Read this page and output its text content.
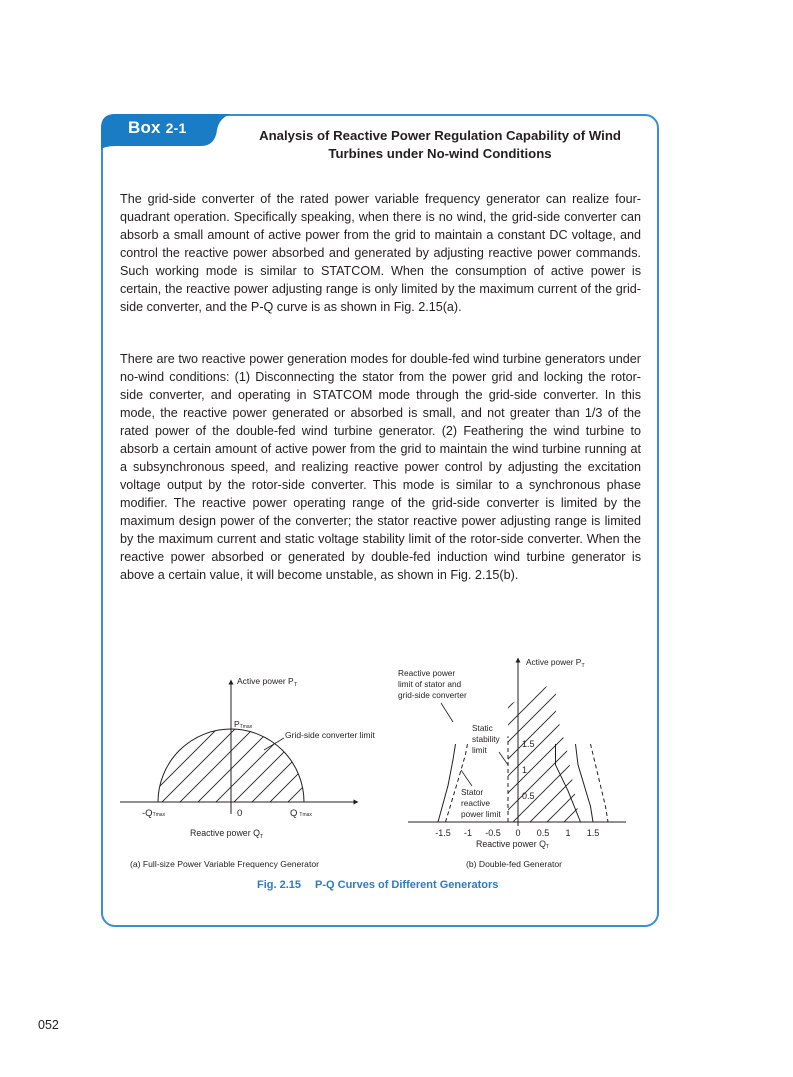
Box 2-1	Analysis of Reactive Power Regulation Capability of Wind
Turbines under No-wind Conditions

The grid-side converter of the rated power variable frequency generator can realize four-quadrant operation. Specifically speaking, when there is no wind, the grid-side converter can absorb a small amount of active power from the grid to maintain a constant DC voltage, and control the reactive power absorbed and generated by adjusting reactive power commands. Such working mode is similar to STATCOM. When the consumption of active power is certain, the reactive power adjusting range is only limited by the maximum current of the grid-side converter, and the P-Q curve is as shown in Fig. 2.15(a).

There are two reactive power generation modes for double-fed wind turbine generators under no-wind conditions: (1) Disconnecting the stator from the power grid and locking the rotor-side converter, and operating in STATCOM mode through the grid-side converter. In this mode, the reactive power generated or absorbed is small, and not greater than 1/3 of the rated power of the double-fed wind turbine generator. (2) Feathering the wind turbine to absorb a certain amount of active power from the grid to maintain the wind turbine running at a subsynchronous speed, and realizing reactive power control by adjusting the excitation voltage output by the rotor-side converter. This mode is similar to a synchronous phase modifier. The reactive power operating range of the grid-side converter is limited by the maximum design power of the converter; the stator reactive power adjusting range is limited by the maximum current and static voltage stability limit of the rotor-side converter. When the reactive power absorbed or generated by double-fed induction wind turbine generator is above a certain value, it will become unstable, as shown in Fig. 2.15(b).

Active power $P_T$
PTmax
Grid-side converter limit
-QTmax	0	Q Tmax
Reactive power $Q_T$
Active power $P_T$
Reactive power
limit of stator and
grid-side converter
Static
stability
limit
Stator
reactive
power limit
-1.5 -1 -0.5 0 0.5 1 1.5
0.5
1
1.5
Reactive power QT
(a) Full-size Power Variable Frequency Generator	(b) Double-fed Generator
Fig. 2.15 P-Q Curves of Different Generators
052
